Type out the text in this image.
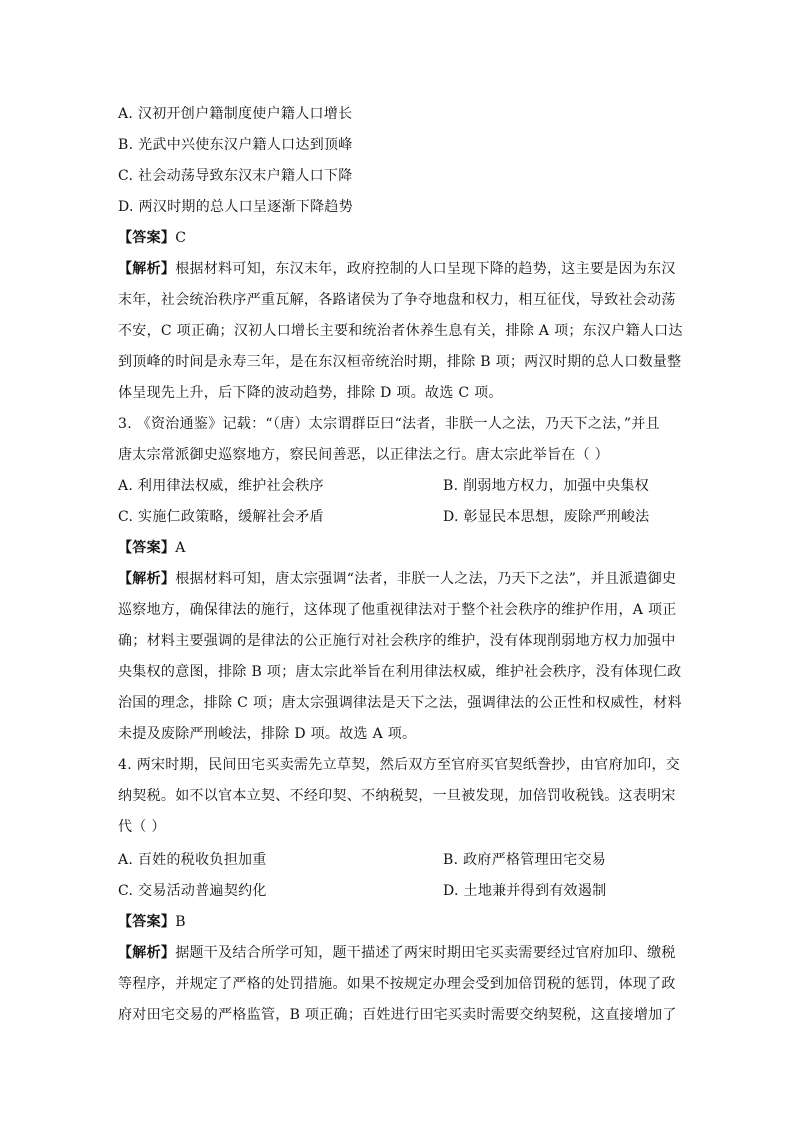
A. 汉初开创户籍制度使户籍人口增长
B. 光武中兴使东汉户籍人口达到顶峰
C. 社会动荡导致东汉末户籍人口下降
D. 两汉时期的总人口呈逐渐下降趋势
【答案】C
【解析】根据材料可知，东汉末年，政府控制的人口呈现下降的趋势，这主要是因为东汉
末年，社会统治秩序严重瓦解，各路诸侯为了争夺地盘和权力，相互征伐，导致社会动荡
不安，C 项正确；汉初人口增长主要和统治者休养生息有关，排除 A 项；东汉户籍人口达
到顶峰的时间是永寿三年，是在东汉桓帝统治时期，排除 B 项；两汉时期的总人口数量整
体呈现先上升，后下降的波动趋势，排除 D 项。故选 C 项。
3. 《资治通鉴》记载：“（唐）太宗谓群臣曰“法者，非朕一人之法，乃天下之法，”并且
唐太宗常派御史巡察地方，察民间善恶，以正律法之行。唐太宗此举旨在（ ）
A. 利用律法权威，维护社会秩序	B. 削弱地方权力，加强中央集权
C. 实施仁政策略，缓解社会矛盾	D. 彰显民本思想，废除严刑峻法
【答案】A
【解析】根据材料可知，唐太宗强调“法者，非朕一人之法，乃天下之法”，并且派遣御史
巡察地方，确保律法的施行，这体现了他重视律法对于整个社会秩序的维护作用，A 项正
确；材料主要强调的是律法的公正施行对社会秩序的维护，没有体现削弱地方权力加强中
央集权的意图，排除 B 项；唐太宗此举旨在利用律法权威，维护社会秩序，没有体现仁政
治国的理念，排除 C 项；唐太宗强调律法是天下之法，强调律法的公正性和权威性，材料
未提及废除严刑峻法，排除 D 项。故选 A 项。
4. 两宋时期，民间田宅买卖需先立草契，然后双方至官府买官契纸誊抄，由官府加印，交
纳契税。如不以官本立契、不经印契、不纳税契，一旦被发现，加倍罚收税钱。这表明宋
代（ ）
A. 百姓的税收负担加重	B. 政府严格管理田宅交易
C. 交易活动普遍契约化	D. 土地兼并得到有效遏制
【答案】B
【解析】据题干及结合所学可知，题干描述了两宋时期田宅买卖需要经过官府加印、缴税
等程序，并规定了严格的处罚措施。如果不按规定办理会受到加倍罚税的惩罚，体现了政
府对田宅交易的严格监管，B 项正确；百姓进行田宅买卖时需要交纳契税，这直接增加了
